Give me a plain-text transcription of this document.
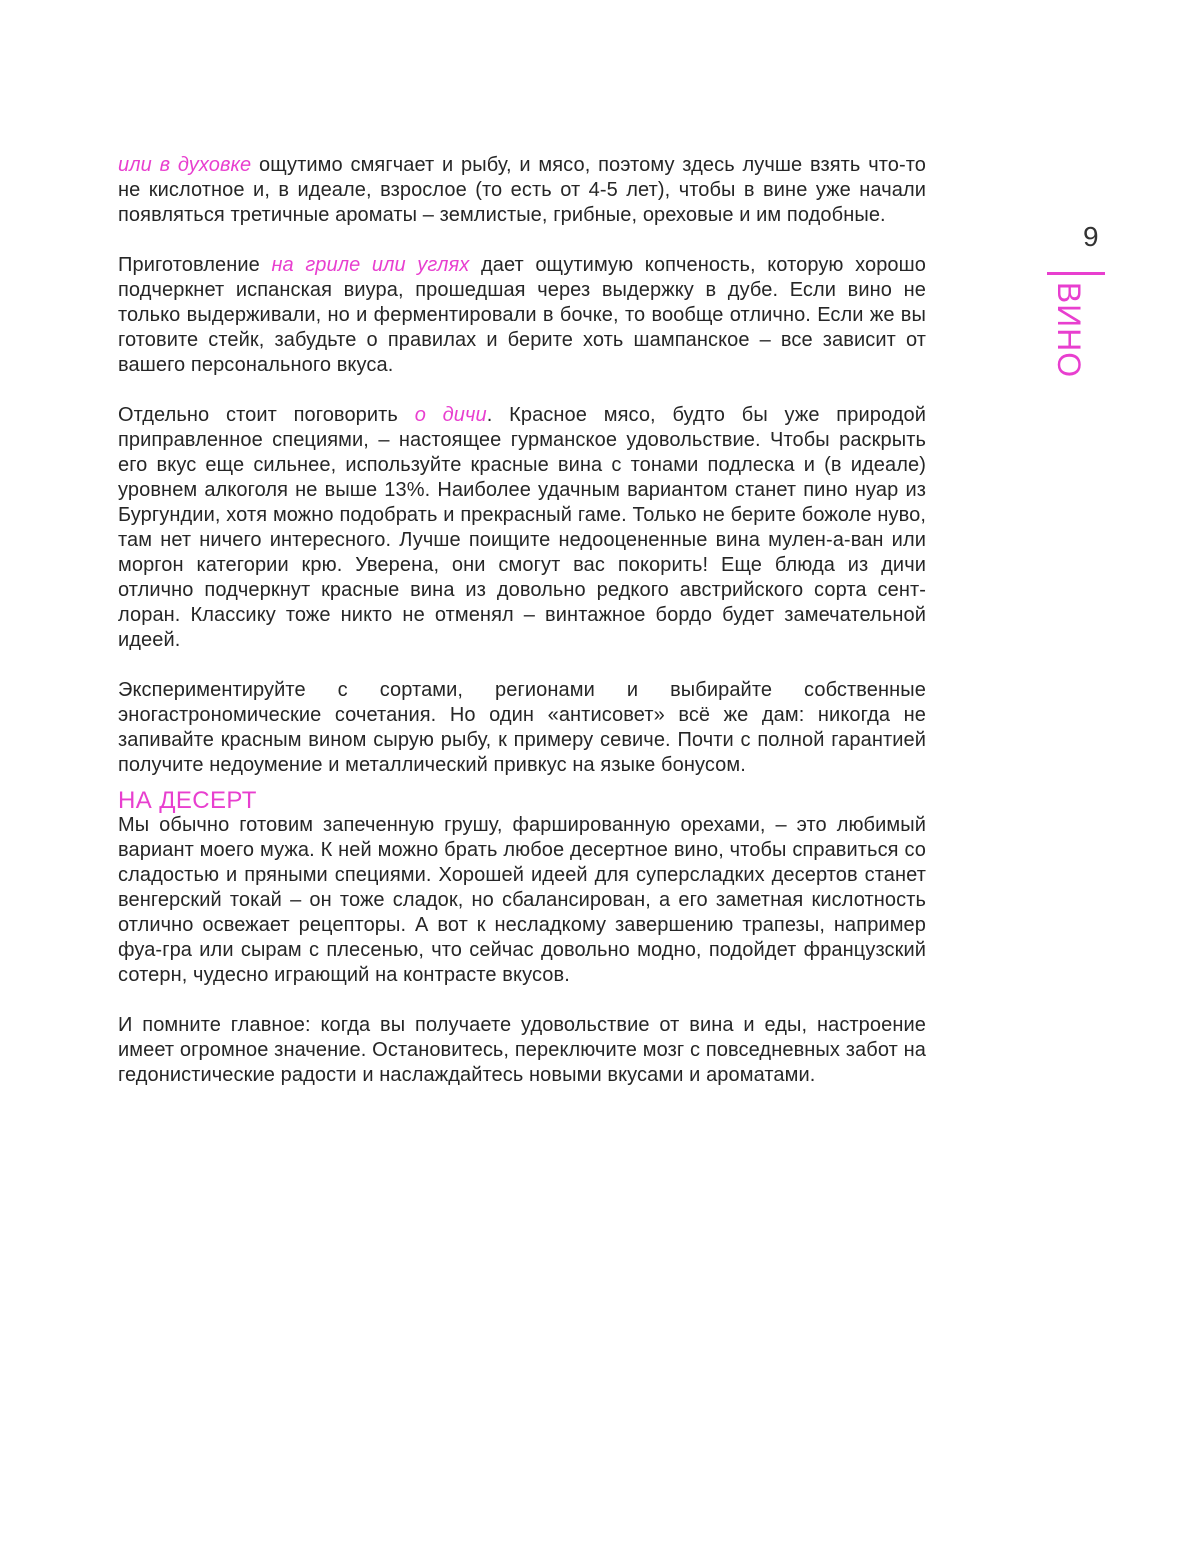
9
ВИНО

или в духовке ощутимо смягчает и рыбу, и мясо, поэтому здесь лучше взять что-то не кислотное и, в идеале, взрослое (то есть от 4-5 лет), чтобы в вине уже начали появляться третичные ароматы – землистые, грибные, ореховые и им подобные.

Приготовление на гриле или углях дает ощутимую копченость, которую хорошо подчеркнет испанская виура, прошедшая через выдержку в дубе. Если вино не только выдерживали, но и ферментировали в бочке, то вообще отлично. Если же вы готовите стейк, забудьте о правилах и берите хоть шампанское – все зависит от вашего персонального вкуса.

Отдельно стоит поговорить о дичи. Красное мясо, будто бы уже природой приправленное специями, – настоящее гурманское удовольствие. Чтобы раскрыть его вкус еще сильнее, используйте красные вина с тонами подлеска и (в идеале) уровнем алкоголя не выше 13%. Наиболее удачным вариантом станет пино нуар из Бургундии, хотя можно подобрать и прекрасный гаме. Только не берите божоле нуво, там нет ничего интересного. Лучше поищите недооцененные вина мулен-а-ван или моргон категории крю. Уверена, они смогут вас покорить! Еще блюда из дичи отлично подчеркнут красные вина из довольно редкого австрийского сорта сент-лоран. Классику тоже никто не отменял – винтажное бордо будет замечательной идеей.

Экспериментируйте с сортами, регионами и выбирайте собственные эногастрономические сочетания. Но один «антисовет» всё же дам: никогда не запивайте красным вином сырую рыбу, к примеру севиче. Почти с полной гарантией получите недоумение и металлический привкус на языке бонусом.

НА ДЕСЕРТ

Мы обычно готовим запеченную грушу, фаршированную орехами, – это любимый вариант моего мужа. К ней можно брать любое десертное вино, чтобы справиться со сладостью и пряными специями. Хорошей идеей для суперсладких десертов станет венгерский токай – он тоже сладок, но сбалансирован, а его заметная кислотность отлично освежает рецепторы. А вот к несладкому завершению трапезы, например фуа-гра или сырам с плесенью, что сейчас довольно модно, подойдет французский сотерн, чудесно играющий на контрасте вкусов.

И помните главное: когда вы получаете удовольствие от вина и еды, настроение имеет огромное значение. Остановитесь, переключите мозг с повседневных забот на гедонистические радости и наслаждайтесь новыми вкусами и ароматами.
